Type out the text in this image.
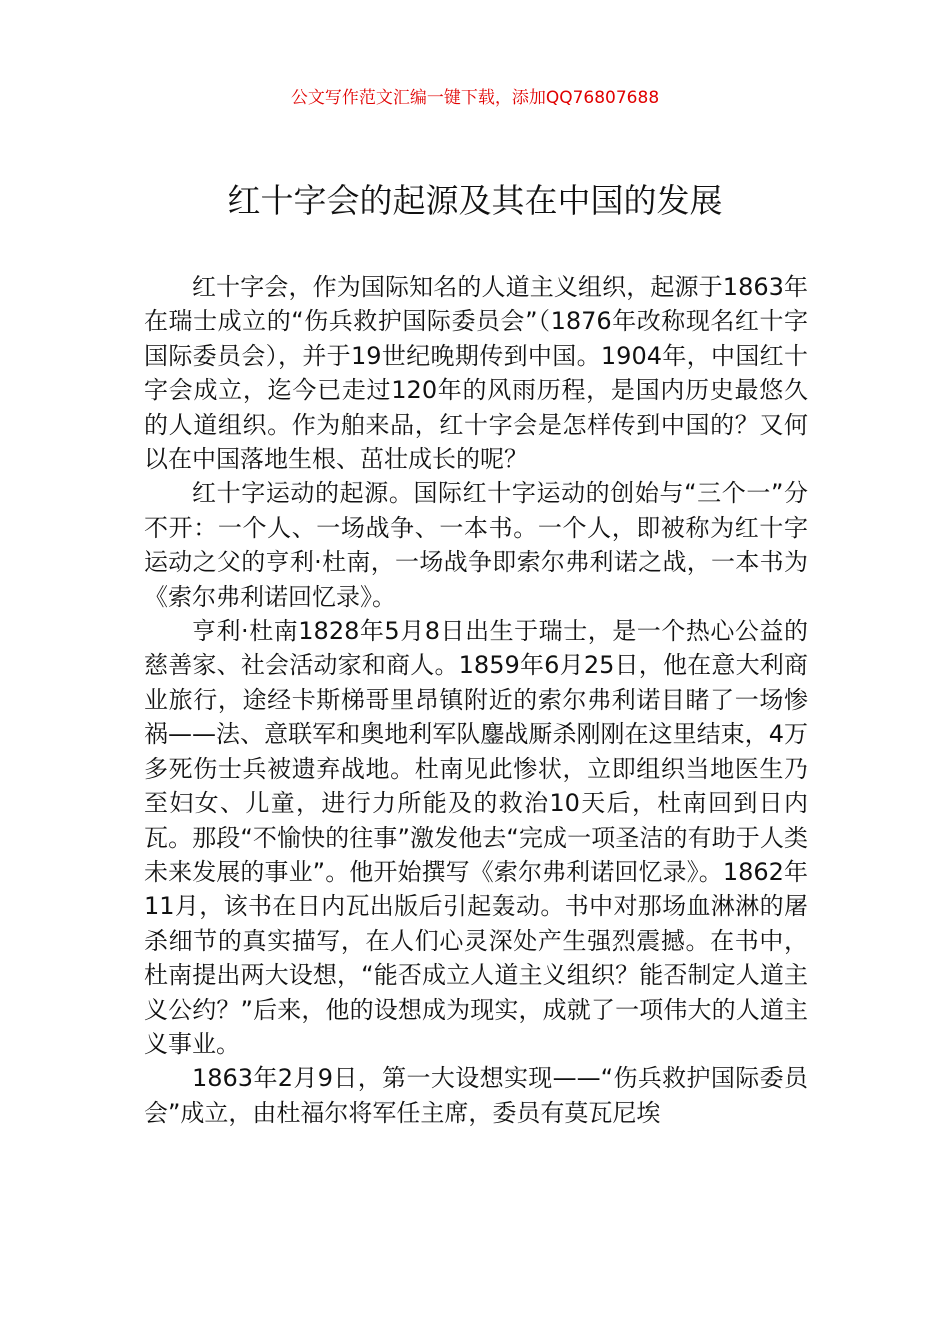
公文写作范文汇编一键下载，添加QQ76807688
红十字会的起源及其在中国的发展

红十字会，作为国际知名的人道主义组织，起源于1863年在瑞士成立的“伤兵救护国际委员会”（1876年改称现名红十字国际委员会），并于19世纪晚期传到中国。1904年，中国红十字会成立，迄今已走过120年的风雨历程，是国内历史最悠久的人道组织。作为舶来品，红十字会是怎样传到中国的？又何以在中国落地生根、茁壮成长的呢？

红十字运动的起源。国际红十字运动的创始与“三个一”分不开：一个人、一场战争、一本书。一个人，即被称为红十字运动之父的亨利·杜南，一场战争即索尔弗利诺之战，一本书为《索尔弗利诺回忆录》。

亨利·杜南1828年5月8日出生于瑞士，是一个热心公益的慈善家、社会活动家和商人。1859年6月25日，他在意大利商业旅行，途经卡斯梯哥里昂镇附近的索尔弗利诺目睹了一场惨祸——法、意联军和奥地利军队鏖战厮杀刚刚在这里结束，4万多死伤士兵被遗弃战地。杜南见此惨状，立即组织当地医生乃至妇女、儿童，进行力所能及的救治10天后，杜南回到日内瓦。那段“不愉快的往事”激发他去“完成一项圣洁的有助于人类未来发展的事业”。他开始撰写《索尔弗利诺回忆录》。1862年11月，该书在日内瓦出版后引起轰动。书中对那场血淋淋的屠杀细节的真实描写，在人们心灵深处产生强烈震撼。在书中，杜南提出两大设想，“能否成立人道主义组织？能否制定人道主义公约？”后来，他的设想成为现实，成就了一项伟大的人道主义事业。

1863年2月9日，第一大设想实现——“伤兵救护国际委员会”成立，由杜福尔将军任主席，委员有莫瓦尼埃
